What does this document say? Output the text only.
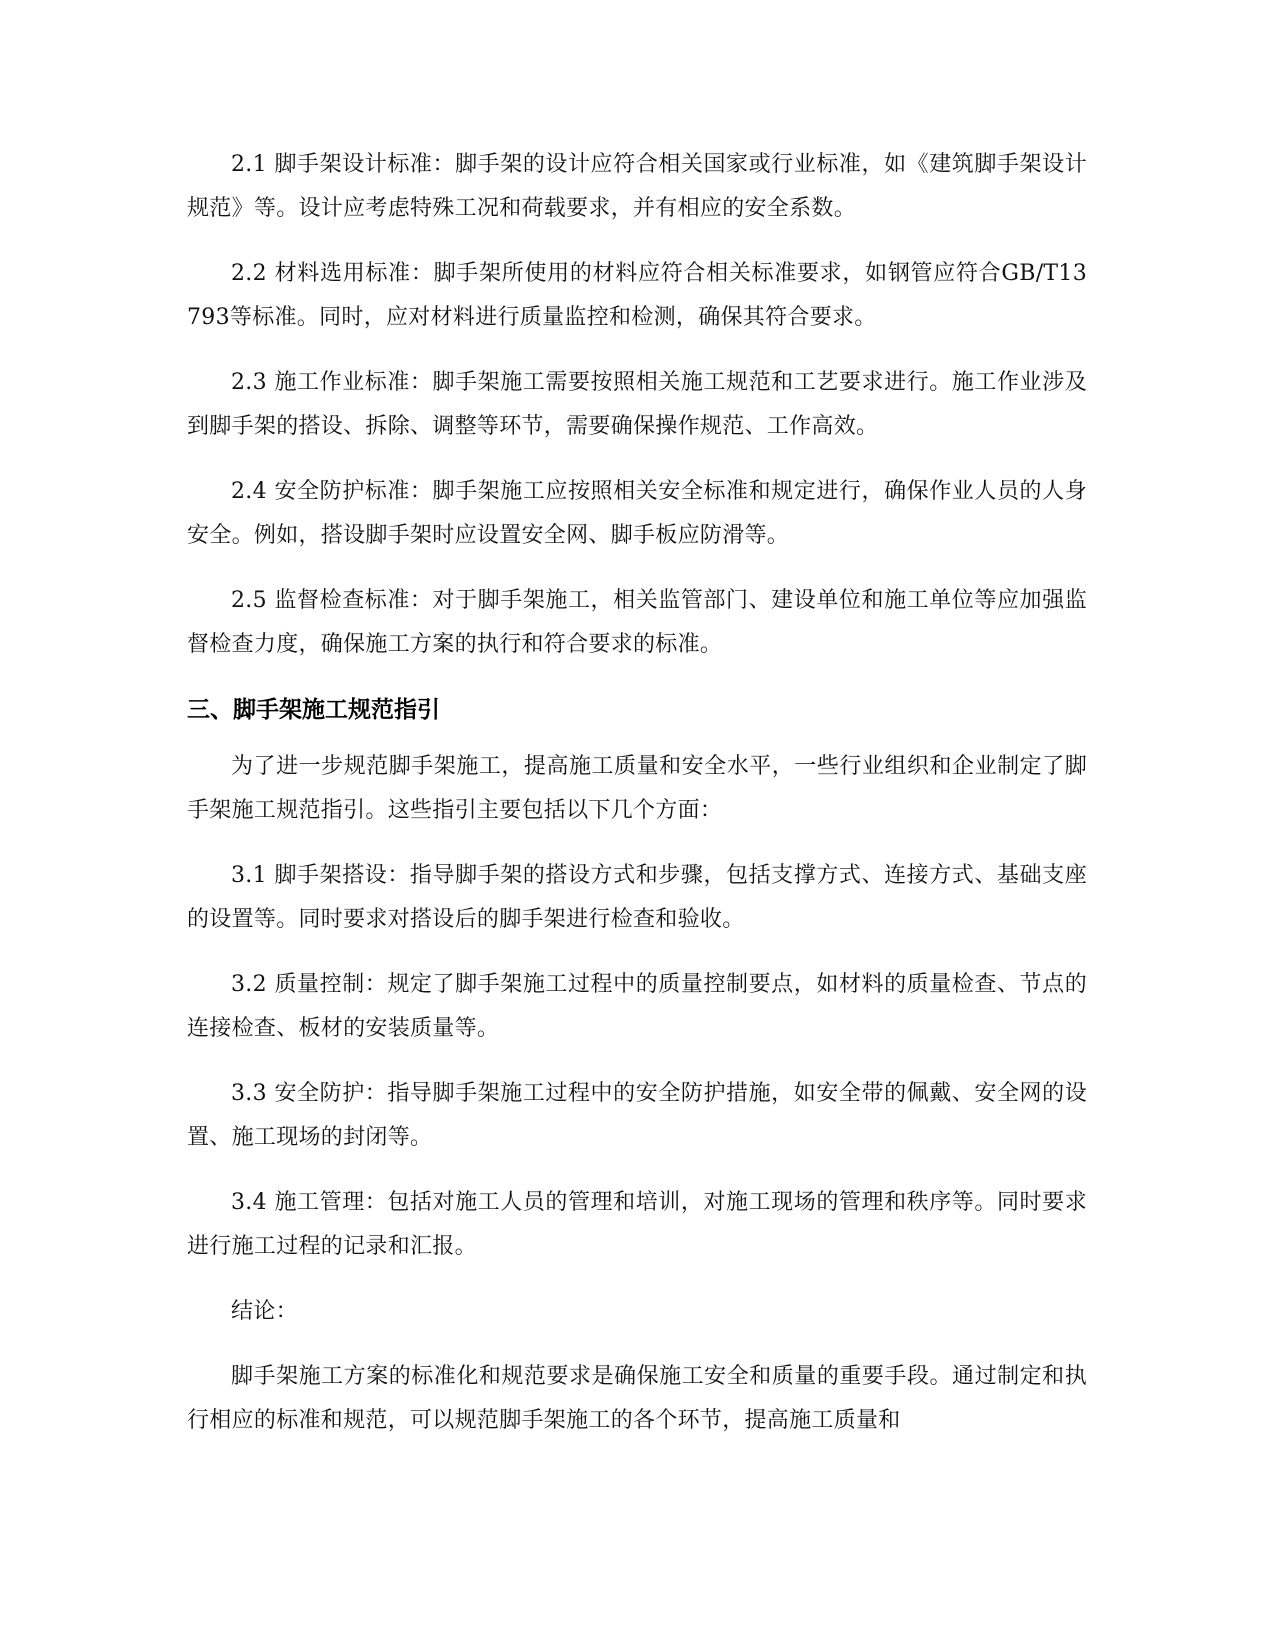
2.1 脚手架设计标准：脚手架的设计应符合相关国家或行业标准，如《建筑脚手架设计规范》等。设计应考虑特殊工况和荷载要求，并有相应的安全系数。

2.2 材料选用标准：脚手架所使用的材料应符合相关标准要求，如钢管应符合GB/T13793等标准。同时，应对材料进行质量监控和检测，确保其符合要求。

2.3 施工作业标准：脚手架施工需要按照相关施工规范和工艺要求进行。施工作业涉及到脚手架的搭设、拆除、调整等环节，需要确保操作规范、工作高效。

2.4 安全防护标准：脚手架施工应按照相关安全标准和规定进行，确保作业人员的人身安全。例如，搭设脚手架时应设置安全网、脚手板应防滑等。

2.5 监督检查标准：对于脚手架施工，相关监管部门、建设单位和施工单位等应加强监督检查力度，确保施工方案的执行和符合要求的标准。

三、脚手架施工规范指引

为了进一步规范脚手架施工，提高施工质量和安全水平，一些行业组织和企业制定了脚手架施工规范指引。这些指引主要包括以下几个方面：

3.1 脚手架搭设：指导脚手架的搭设方式和步骤，包括支撑方式、连接方式、基础支座的设置等。同时要求对搭设后的脚手架进行检查和验收。

3.2 质量控制：规定了脚手架施工过程中的质量控制要点，如材料的质量检查、节点的连接检查、板材的安装质量等。

3.3 安全防护：指导脚手架施工过程中的安全防护措施，如安全带的佩戴、安全网的设置、施工现场的封闭等。

3.4 施工管理：包括对施工人员的管理和培训，对施工现场的管理和秩序等。同时要求进行施工过程的记录和汇报。

结论：

脚手架施工方案的标准化和规范要求是确保施工安全和质量的重要手段。通过制定和执行相应的标准和规范，可以规范脚手架施工的各个环节，提高施工质量和
